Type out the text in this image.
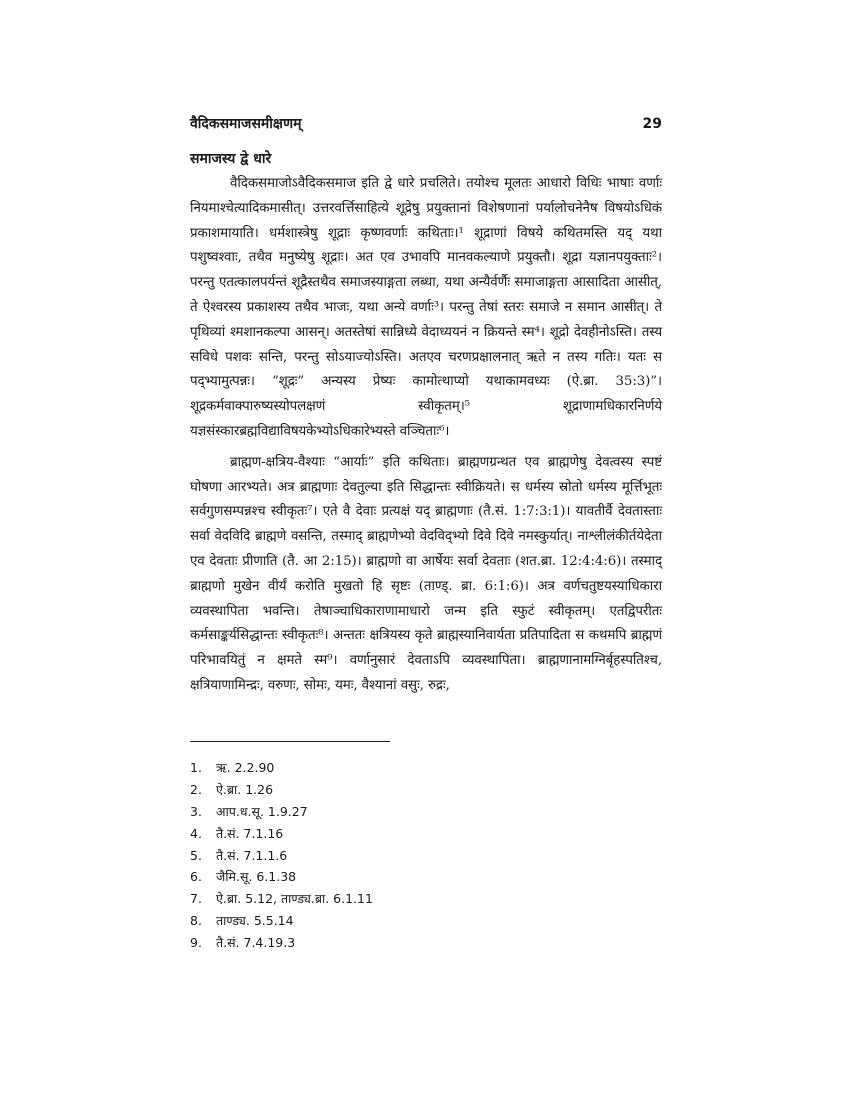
वैदिकसमाजसमीक्षणम्	29
समाजस्य द्वे धारे

वैदिकसमाजोऽवैदिकसमाज इति द्वे धारे प्रचलिते। तयोश्च मूलतः आधारो विधिः भाषाः वर्णाः नियमाश्चेत्यादिकमासीत्। उत्तरवर्त्तिसाहित्ये शूद्रेषु प्रयुक्तानां विशेषणानां पर्यालोचनेनैष विषयोऽधिकं प्रकाशमायाति। धर्मशास्त्रेषु शूद्राः कृष्णवर्णाः कथिताः।¹ शूद्राणां विषये कथितमस्ति यद् यथा पशुष्वश्वाः, तथैव मनुष्येषु शूद्राः। अत एव उभावपि मानवकल्याणे प्रयुक्तौ। शूद्रा यज्ञानपयुक्ताः²। परन्तु एतत्कालपर्यन्तं शूद्रैस्तथैव समाजस्याङ्गता लब्धा, यथा अन्यैर्वर्णैः समाजाङ्गता आसादिता आसीत्, ते ऐश्वरस्य प्रकाशस्य तथैव भाजः, यथा अन्ये वर्णाः³। परन्तु तेषां स्तरः समाजे न समान आसीत्। ते पृथिव्यां श्मशानकल्पा आसन्। अतस्तेषां सान्निध्ये वेदाध्ययनं न क्रियन्ते स्म⁴। शूद्रो देवहीनोऽस्ति। तस्य सविधे पशवः सन्ति, परन्तु सोऽयाज्योऽस्ति। अतएव चरणप्रक्षालनात् ऋते न तस्य गतिः। यतः स पद्भ्यामुत्पन्नः। “शूद्रः” अन्यस्य प्रेष्यः कामोत्थाप्यो यथाकामवध्यः (ऐ.ब्रा. 35:3)”। शूद्रकर्मवाक्पारुष्यस्योपलक्षणं स्वीकृतम्।⁵ शूद्राणामधिकारनिर्णये यज्ञसंस्कारब्रह्मविद्याविषयकेभ्योऽधिकारेभ्यस्ते वञ्चिताः⁶।

ब्राह्मण-क्षत्रिय-वैश्याः “आर्याः” इति कथिताः। ब्राह्मणग्रन्थत एव ब्राह्मणेषु देवत्वस्य स्पष्टं घोषणा आरभ्यते। अत्र ब्राह्मणाः देवतुल्या इति सिद्धान्तः स्वीक्रियते। स धर्मस्य स्रोतो धर्मस्य मूर्त्तिभूतः सर्वगुणसम्पन्नश्च स्वीकृतः⁷। एते वै देवाः प्रत्यक्षं यद् ब्राह्मणाः (तै.सं. 1:7:3:1)। यावतीर्वै देवतास्ताः सर्वा वेदविदि ब्राह्मणे वसन्ति, तस्माद् ब्राह्मणेभ्यो वेदविद्भ्यो दिवे दिवे नमस्कुर्यात्। नाश्लीलंकीर्तयेदेता एव देवताः प्रीणाति (तै. आ 2:15)। ब्राह्मणो वा आर्षेयः सर्वा देवताः (शत.ब्रा. 12:4:4:6)। तस्माद् ब्राह्मणो मुखेन वीर्यं करोति मुखतो हि सृष्टः (ताण्ड्. ब्रा. 6:1:6)। अत्र वर्णचतुष्टयस्याधिकारा व्यवस्थापिता भवन्ति। तेषाञ्चाधिकाराणामाधारो जन्म इति स्फुटं स्वीकृतम्। एतद्विपरीतः कर्मसाङ्कर्यसिद्धान्तः स्वीकृतः⁸। अन्ततः क्षत्रियस्य कृते ब्राह्मस्यानिवार्यता प्रतिपादिता स कथमपि ब्राह्मणं परिभावयितुं न क्षमते स्म⁹। वर्णानुसारं देवताऽपि व्यवस्थापिता। ब्राह्मणानामग्निर्बृहस्पतिश्च, क्षत्रियाणामिन्द्रः, वरुणः, सोमः, यमः, वैश्यानां वसुः, रुद्रः,

1.	ऋ. 2.2.90
2.	ऐ.ब्रा. 1.26
3.	आप.ध.सू. 1.9.27
4.	तै.सं. 7.1.16
5.	तै.सं. 7.1.1.6
6.	जैमि.सू. 6.1.38
7.	ऐ.ब्रा. 5.12, ताण्ड्य.ब्रा. 6.1.11
8.	ताण्ड्य. 5.5.14
9.	तै.सं. 7.4.19.3
